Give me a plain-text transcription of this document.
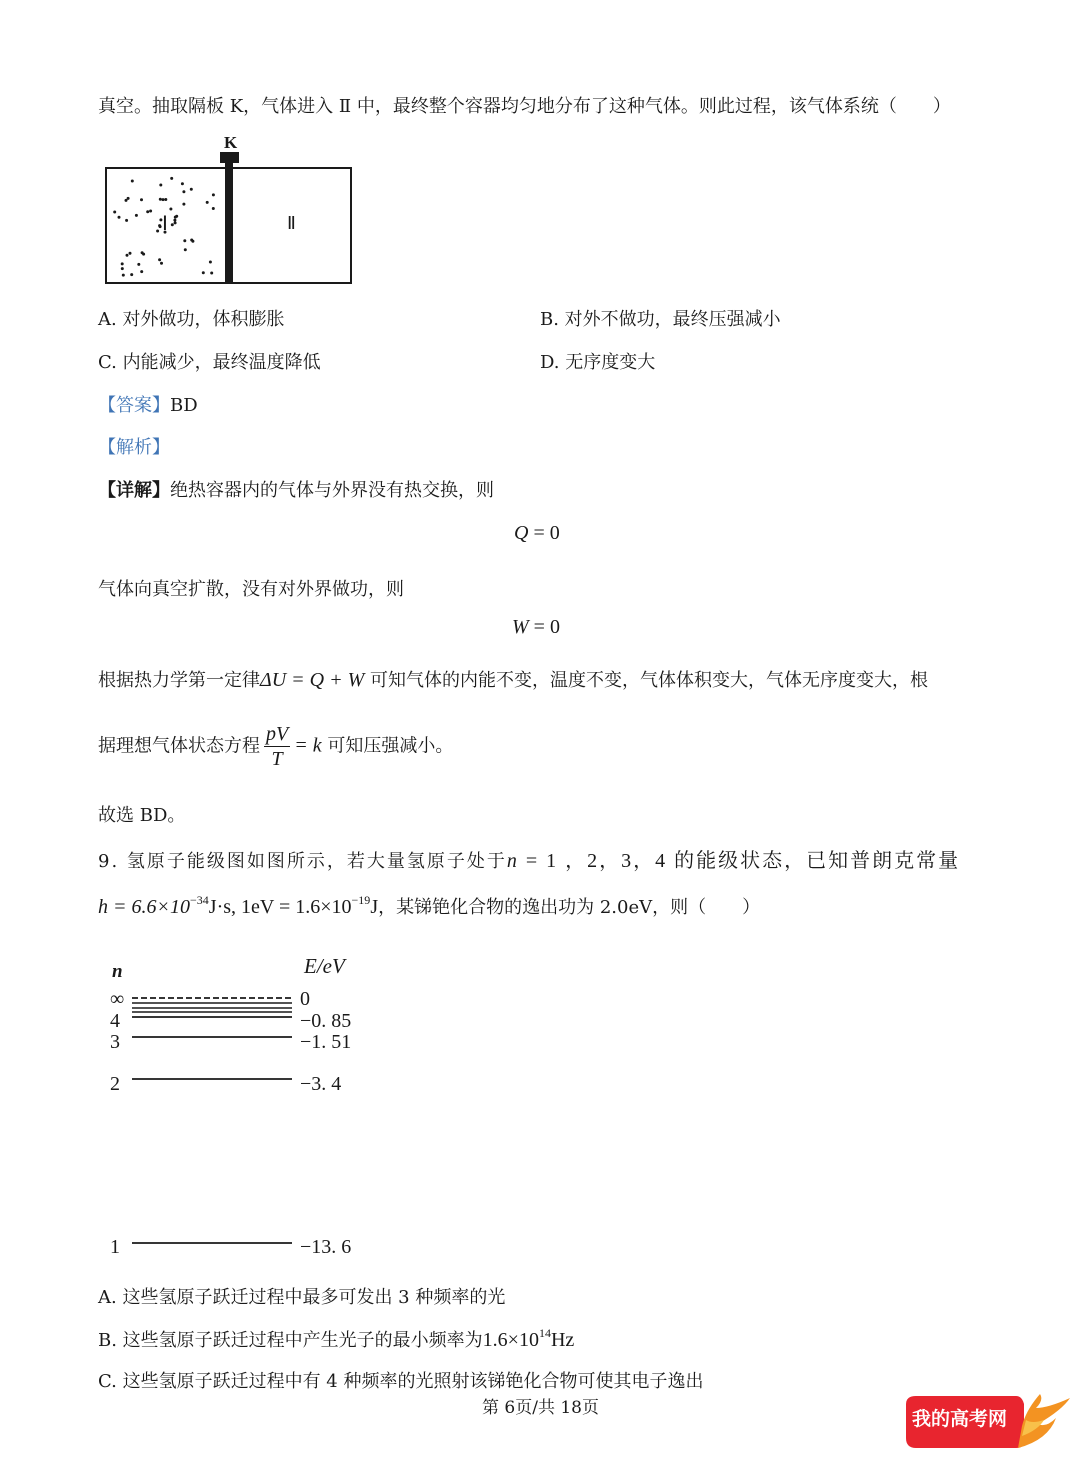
真空。抽取隔板 K，气体进入 Ⅱ 中，最终整个容器均匀地分布了这种气体。则此过程，该气体系统（　　）
K
Ⅰ	Ⅱ
A. 对外做功，体积膨胀	B. 对外不做功，最终压强减小
C. 内能减少，最终温度降低	D. 无序度变大
【答案】BD
【解析】
【详解】绝热容器内的气体与外界没有热交换，则
Q = 0
气体向真空扩散，没有对外界做功，则
W = 0
根据热力学第一定律ΔU = Q + W 可知气体的内能不变，温度不变，气体体积变大，气体无序度变大，根
据理想气体状态方程 $\frac{pV}{T} = k$ 可知压强减小。
故选 BD。
9. 氢原子能级图如图所示，若大量氢原子处于n = 1 ，2，3，4 的能级状态，已知普朗克常量
$h = 6.6\times 10^{-34}J\cdot s$, $1eV = 1.6\times 10^{-19}J$，某锑铯化合物的逸出功为 2.0eV，则（　　）
n	E/eV
∞	0
4	−0. 85
3	−1. 51
2	−3. 4
1	−13. 6
A. 这些氢原子跃迁过程中最多可发出 3 种频率的光
B. 这些氢原子跃迁过程中产生光子的最小频率为$1.6\times 10^{14}Hz$
C. 这些氢原子跃迁过程中有 4 种频率的光照射该锑铯化合物可使其电子逸出
第 6页/共 18页	我的高考网
